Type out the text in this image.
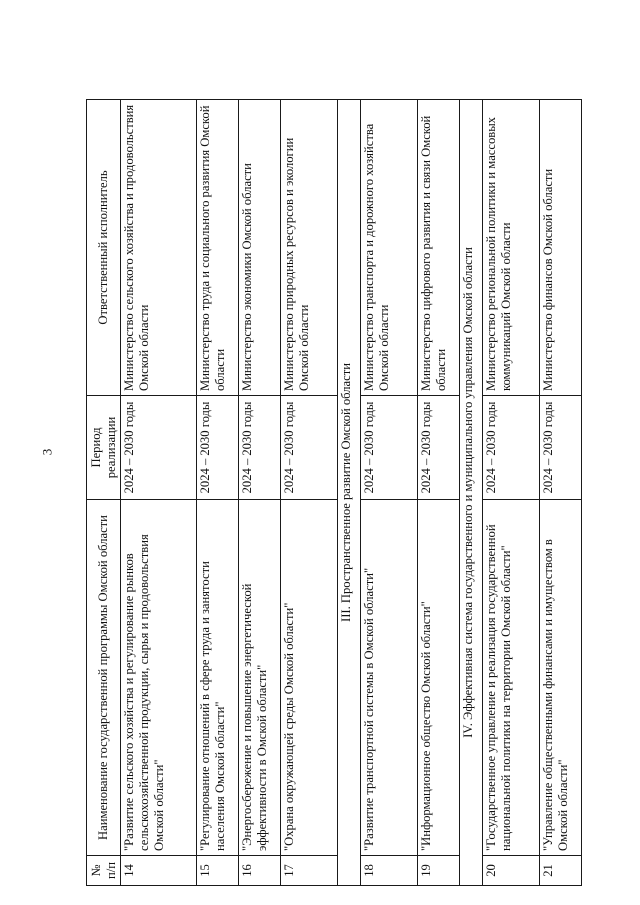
3
№ п/п	Наименование государственной программы Омской области	Период реализации	Ответственный исполнитель
14	"Развитие сельского хозяйства и регулирование рынков сельскохозяйственной продукции, сырья и продовольствия Омской области"	2024 – 2030 годы	Министерство сельского хозяйства и продовольствия Омской области
15	"Регулирование отношений в сфере труда и занятости населения Омской области"	2024 – 2030 годы	Министерство труда и социального развития Омской области
16	"Энергосбережение и повышение энергетической эффективности в Омской области"	2024 – 2030 годы	Министерство экономики Омской области
17	"Охрана окружающей среды Омской области"	2024 – 2030 годы	Министерство природных ресурсов и экологии Омской области
III. Пространственное развитие Омской области			
18	"Развитие транспортной системы в Омской области"	2024 – 2030 годы	Министерство транспорта и дорожного хозяйства Омской области
19	"Информационное общество Омской области"	2024 – 2030 годы	Министерство цифрового развития и связи Омской области
IV. Эффективная система государственного и муниципального управления Омской области			
20	"Государственное управление и реализация государственной национальной политики на территории Омской области"	2024 – 2030 годы	Министерство региональной политики и массовых коммуникаций Омской области
21	"Управление общественными финансами и имуществом в Омской области"	2024 – 2030 годы	Министерство финансов Омской области
